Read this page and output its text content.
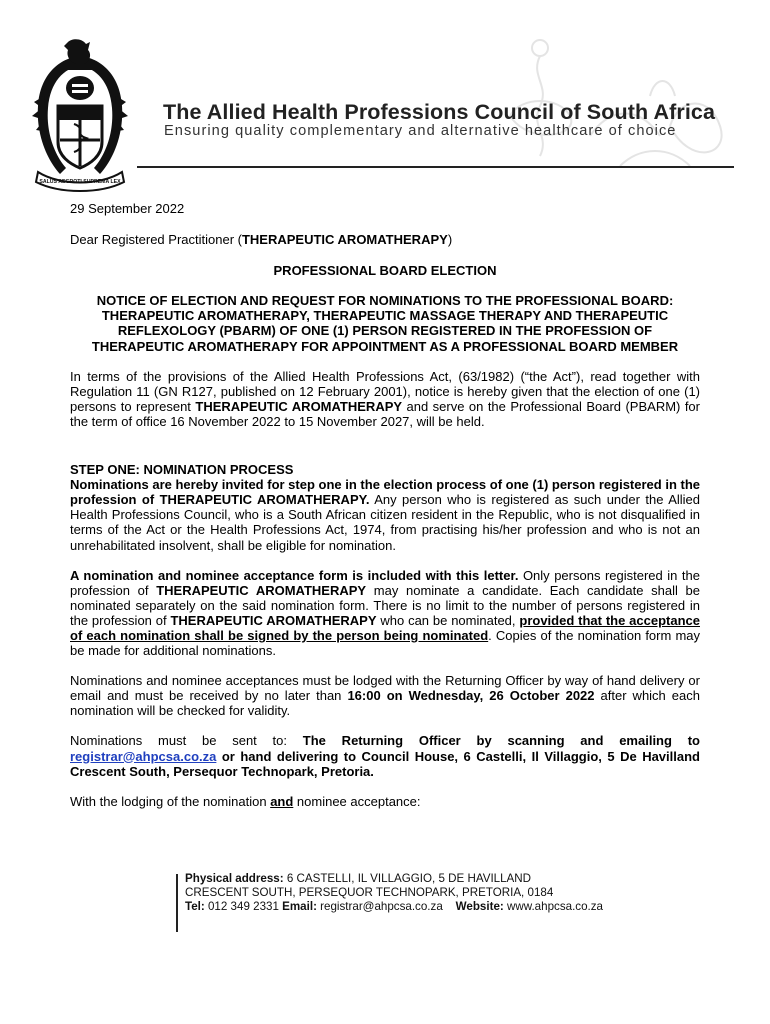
SALUS AEGROTI SUPREMA LEX
The Allied Health Professions Council of South Africa
Ensuring quality complementary and alternative healthcare of choice

29 September 2022

Dear Registered Practitioner (THERAPEUTIC AROMATHERAPY)

PROFESSIONAL BOARD ELECTION

NOTICE OF ELECTION AND REQUEST FOR NOMINATIONS TO THE PROFESSIONAL BOARD: THERAPEUTIC AROMATHERAPY, THERAPEUTIC MASSAGE THERAPY AND THERAPEUTIC REFLEXOLOGY (PBARM) OF ONE (1) PERSON REGISTERED IN THE PROFESSION OF THERAPEUTIC AROMATHERAPY FOR APPOINTMENT AS A PROFESSIONAL BOARD MEMBER

In terms of the provisions of the Allied Health Professions Act, (63/1982) (“the Act”), read together with Regulation 11 (GN R127, published on 12 February 2001), notice is hereby given that the election of one (1) persons to represent THERAPEUTIC AROMATHERAPY and serve on the Professional Board (PBARM) for the term of office 16 November 2022 to 15 November 2027, will be held.

STEP ONE: NOMINATION PROCESS

Nominations are hereby invited for step one in the election process of one (1) person registered in the profession of THERAPEUTIC AROMATHERAPY. Any person who is registered as such under the Allied Health Professions Council, who is a South African citizen resident in the Republic, who is not disqualified in terms of the Act or the Health Professions Act, 1974, from practising his/her profession and who is not an unrehabilitated insolvent, shall be eligible for nomination.

A nomination and nominee acceptance form is included with this letter. Only persons registered in the profession of THERAPEUTIC AROMATHERAPY may nominate a candidate. Each candidate shall be nominated separately on the said nomination form. There is no limit to the number of persons registered in the profession of THERAPEUTIC AROMATHERAPY who can be nominated, provided that the acceptance of each nomination shall be signed by the person being nominated. Copies of the nomination form may be made for additional nominations.

Nominations and nominee acceptances must be lodged with the Returning Officer by way of hand delivery or email and must be received by no later than 16:00 on Wednesday, 26 October 2022 after which each nomination will be checked for validity.

Nominations must be sent to: The Returning Officer by scanning and emailing to registrar@ahpcsa.co.za or hand delivering to Council House, 6 Castelli, Il Villaggio, 5 De Havilland Crescent South, Persequor Technopark, Pretoria.

With the lodging of the nomination and nominee acceptance:

Physical address: 6 CASTELLI, IL VILLAGGIO, 5 DE HAVILLAND

CRESCENT SOUTH, PERSEQUOR TECHNOPARK, PRETORIA, 0184

Tel: 012 349 2331 Email: registrar@ahpcsa.co.za Website: www.ahpcsa.co.za
